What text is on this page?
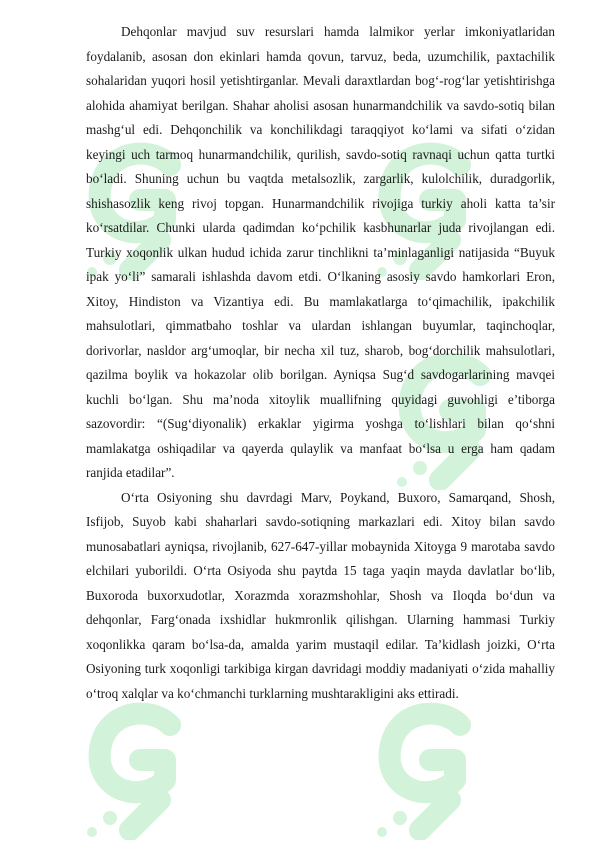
Dehqonlar mavjud suv resurslari hamda lalmikor yerlar imkoniyatlaridan foydalanib, asosan don ekinlari hamda qovun, tarvuz, beda, uzumchilik, paxtachilik sohalaridan yuqori hosil yetishtirganlar. Mevali daraxtlardan bog‘-rog‘lar yetishtirishga alohida ahamiyat berilgan. Shahar aholisi asosan hunarmandchilik va savdo-sotiq bilan mashg‘ul edi. Dehqonchilik va konchilikdagi taraqqiyot ko‘lami va sifati o‘zidan keyingi uch tarmoq hunarmandchilik, qurilish, savdo-sotiq ravnaqi uchun qatta turtki bo‘ladi. Shuning uchun bu vaqtda metalsozlik, zargarlik, kulolchilik, duradgorlik, shishasozlik keng rivoj topgan. Hunarmandchilik rivojiga turkiy aholi katta ta’sir ko‘rsatdilar. Chunki ularda qadimdan ko‘pchilik kasbhunarlar juda rivojlangan edi. Turkiy xoqonlik ulkan hudud ichida zarur tinchlikni ta’minlaganligi natijasida “Buyuk ipak yo‘li” samarali ishlashda davom etdi. O‘lkaning asosiy savdo hamkorlari Eron, Xitoy, Hindiston va Vizantiya edi. Bu mamlakatlarga to‘qimachilik, ipakchilik mahsulotlari, qimmatbaho toshlar va ulardan ishlangan buyumlar, taqinchoqlar, dorivorlar, nasldor arg‘umoqlar, bir necha xil tuz, sharob, bog‘dorchilik mahsulotlari, qazilma boylik va hokazolar olib borilgan. Ayniqsa Sug‘d savdogarlarining mavqei kuchli bo‘lgan. Shu ma’noda xitoylik muallifning quyidagi guvohligi e’tiborga sazovordir: “(Sug‘diyonalik) erkaklar yigirma yoshga to‘lishlari bilan qo‘shni mamlakatga oshiqadilar va qayerda qulaylik va manfaat bo‘lsa u erga ham qadam ranjida etadilar”.

O‘rta Osiyoning shu davrdagi Marv, Poykand, Buxoro, Samarqand, Shosh, Isfijob, Suyob kabi shaharlari savdo-sotiqning markazlari edi. Xitoy bilan savdo munosabatlari ayniqsa, rivojlanib, 627-647-yillar mobaynida Xitoyga 9 marotaba savdo elchilari yuborildi. O‘rta Osiyoda shu paytda 15 taga yaqin mayda davlatlar bo‘lib, Buxoroda buxorxudotlar, Xorazmda xorazmshohlar, Shosh va Iloqda bo‘dun va dehqonlar, Farg‘onada ixshidlar hukmronlik qilishgan. Ularning hammasi Turkiy xoqonlikka qaram bo‘lsa-da, amalda yarim mustaqil edilar. Ta’kidlash joizki, O‘rta Osiyoning turk xoqonligi tarkibiga kirgan davridagi moddiy madaniyati o‘zida mahalliy o‘troq xalqlar va ko‘chmanchi turklarning mushtarakligini aks ettiradi.
